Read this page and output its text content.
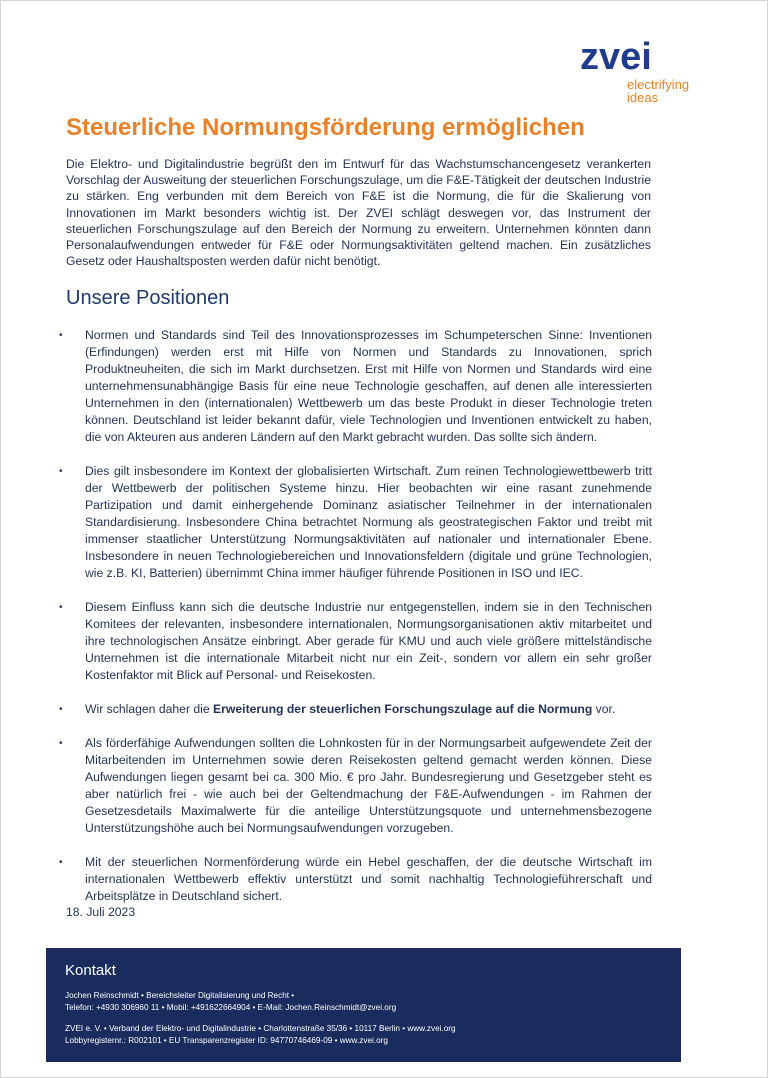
zvei
electrifying
ideas
Steuerliche Normungsförderung ermöglichen

Die Elektro- und Digitalindustrie begrüßt den im Entwurf für das Wachstumschancengesetz verankerten Vorschlag der Ausweitung der steuerlichen Forschungszulage, um die F&E-Tätigkeit der deutschen Industrie zu stärken. Eng verbunden mit dem Bereich von F&E ist die Normung, die für die Skalierung von Innovationen im Markt besonders wichtig ist. Der ZVEI schlägt deswegen vor, das Instrument der steuerlichen Forschungszulage auf den Bereich der Normung zu erweitern. Unternehmen könnten dann Personalaufwendungen entweder für F&E oder Normungsaktivitäten geltend machen. Ein zusätzliches Gesetz oder Haushaltsposten werden dafür nicht benötigt.

Unsere Positionen
• Normen und Standards sind Teil des Innovationsprozesses im Schumpeterschen Sinne: Inventionen (Erfindungen) werden erst mit Hilfe von Normen und Standards zu Innovationen, sprich Produktneuheiten, die sich im Markt durchsetzen. Erst mit Hilfe von Normen und Standards wird eine unternehmensunabhängige Basis für eine neue Technologie geschaffen, auf denen alle interessierten Unternehmen in den (internationalen) Wettbewerb um das beste Produkt in dieser Technologie treten können. Deutschland ist leider bekannt dafür, viele Technologien und Inventionen entwickelt zu haben, die von Akteuren aus anderen Ländern auf den Markt gebracht wurden. Das sollte sich ändern.
• Dies gilt insbesondere im Kontext der globalisierten Wirtschaft. Zum reinen Technologiewettbewerb tritt der Wettbewerb der politischen Systeme hinzu. Hier beobachten wir eine rasant zunehmende Partizipation und damit einhergehende Dominanz asiatischer Teilnehmer in der internationalen Standardisierung. Insbesondere China betrachtet Normung als geostrategischen Faktor und treibt mit immenser staatlicher Unterstützung Normungsaktivitäten auf nationaler und internationaler Ebene. Insbesondere in neuen Technologiebereichen und Innovationsfeldern (digitale und grüne Technologien, wie z.B. KI, Batterien) übernimmt China immer häufiger führende Positionen in ISO und IEC.
• Diesem Einfluss kann sich die deutsche Industrie nur entgegenstellen, indem sie in den Technischen Komitees der relevanten, insbesondere internationalen, Normungsorganisationen aktiv mitarbeitet und ihre technologischen Ansätze einbringt. Aber gerade für KMU und auch viele größere mittelständische Unternehmen ist die internationale Mitarbeit nicht nur ein Zeit-, sondern vor allem ein sehr großer Kostenfaktor mit Blick auf Personal- und Reisekosten.
• Wir schlagen daher die Erweiterung der steuerlichen Forschungszulage auf die Normung vor.
• Als förderfähige Aufwendungen sollten die Lohnkosten für in der Normungsarbeit aufgewendete Zeit der Mitarbeitenden im Unternehmen sowie deren Reisekosten geltend gemacht werden können. Diese Aufwendungen liegen gesamt bei ca. 300 Mio. € pro Jahr. Bundesregierung und Gesetzgeber steht es aber natürlich frei - wie auch bei der Geltendmachung der F&E-Aufwendungen - im Rahmen der Gesetzesdetails Maximalwerte für die anteilige Unterstützungsquote und unternehmensbezogene Unterstützungshöhe auch bei Normungsaufwendungen vorzugeben.
• Mit der steuerlichen Normenförderung würde ein Hebel geschaffen, der die deutsche Wirtschaft im internationalen Wettbewerb effektiv unterstützt und somit nachhaltig Technologieführerschaft und Arbeitsplätze in Deutschland sichert.
18. Juli 2023
Kontakt
Jochen Reinschmidt • Bereichsleiter Digitalisierung und Recht •
Telefon: +4930 306960 11 • Mobil: +491622664904 • E-Mail: Jochen.Reinschmidt@zvei.org
ZVEI e. V. • Verband der Elektro- und Digitalindustrie • Charlottenstraße 35/36 • 10117 Berlin • www.zvei.org
Lobbyregisternr.: R002101 • EU Transparenzregister ID: 94770746469-09 • www.zvei.org
